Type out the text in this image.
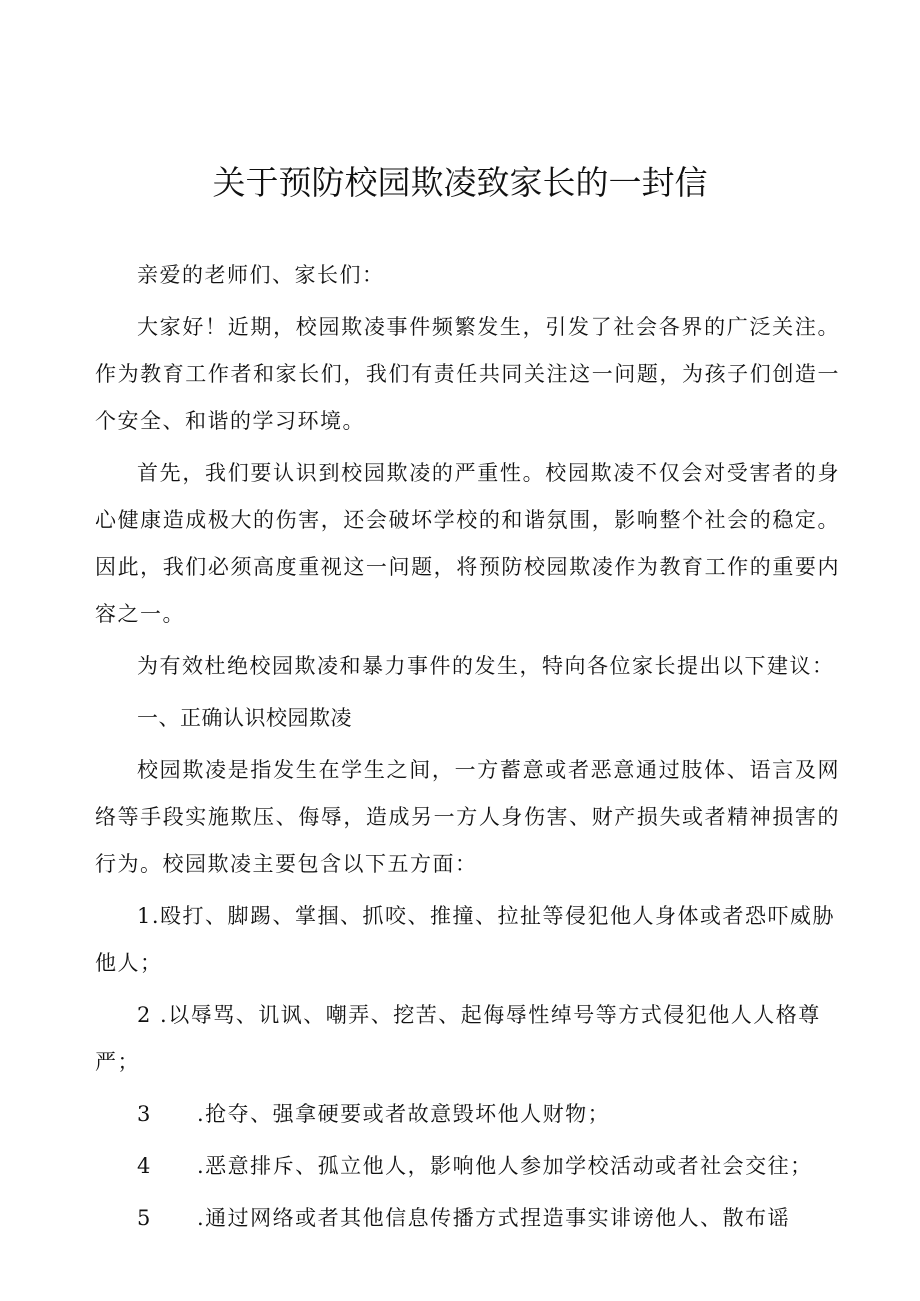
关于预防校园欺凌致家长的一封信

亲爱的老师们、家长们：

大家好！近期，校园欺凌事件频繁发生，引发了社会各界的广泛关注。作为教育工作者和家长们，我们有责任共同关注这一问题，为孩子们创造一个安全、和谐的学习环境。

首先，我们要认识到校园欺凌的严重性。校园欺凌不仅会对受害者的身心健康造成极大的伤害，还会破坏学校的和谐氛围，影响整个社会的稳定。因此，我们必须高度重视这一问题，将预防校园欺凌作为教育工作的重要内容之一。

为有效杜绝校园欺凌和暴力事件的发生，特向各位家长提出以下建议：

一、正确认识校园欺凌

校园欺凌是指发生在学生之间，一方蓄意或者恶意通过肢体、语言及网络等手段实施欺压、侮辱，造成另一方人身伤害、财产损失或者精神损害的行为。校园欺凌主要包含以下五方面：

1.殴打、脚踢、掌掴、抓咬、推撞、拉扯等侵犯他人身体或者恐吓威胁他人；

2 .以辱骂、讥讽、嘲弄、挖苦、起侮辱性绰号等方式侵犯他人人格尊严；

3 .抢夺、强拿硬要或者故意毁坏他人财物；

4 .恶意排斥、孤立他人，影响他人参加学校活动或者社会交往；

5 .通过网络或者其他信息传播方式捏造事实诽谤他人、散布谣
